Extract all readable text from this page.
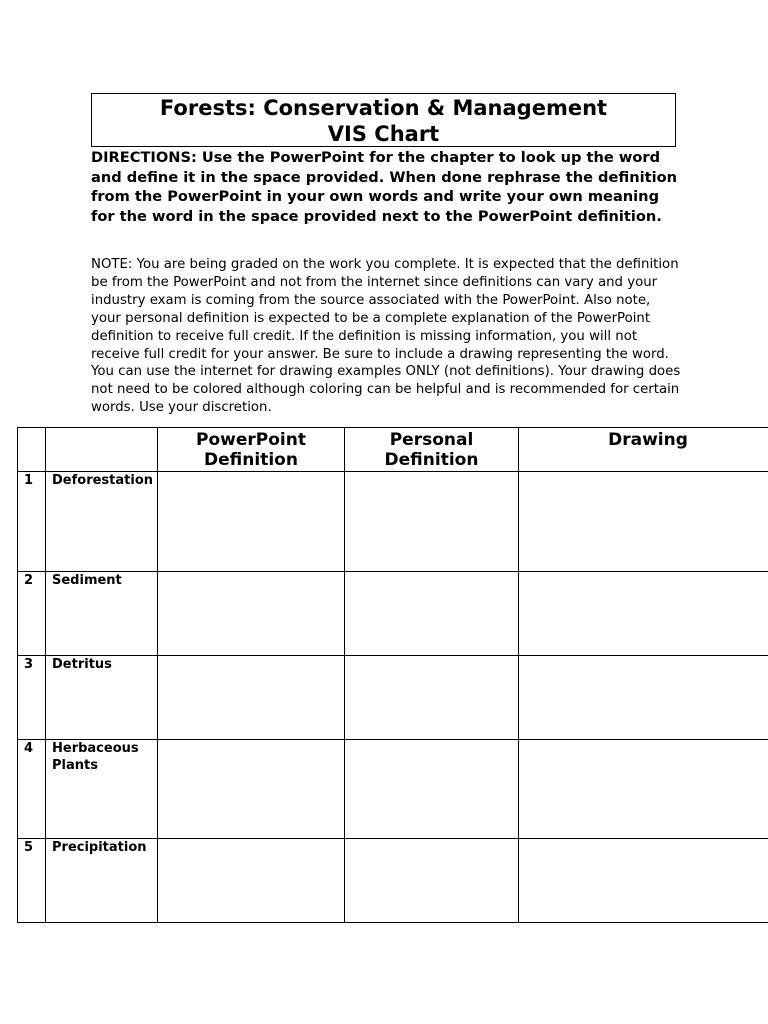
Forests: Conservation & Management
VIS Chart

DIRECTIONS: Use the PowerPoint for the chapter to look up the word and define it in the space provided. When done rephrase the definition from the PowerPoint in your own words and write your own meaning for the word in the space provided next to the PowerPoint definition.

NOTE: You are being graded on the work you complete. It is expected that the definition be from the PowerPoint and not from the internet since definitions can vary and your industry exam is coming from the source associated with the PowerPoint. Also note, your personal definition is expected to be a complete explanation of the PowerPoint definition to receive full credit. If the definition is missing information, you will not receive full credit for your answer. Be sure to include a drawing representing the word. You can use the internet for drawing examples ONLY (not definitions). Your drawing does not need to be colored although coloring can be helpful and is recommended for certain words. Use your discretion.

		PowerPoint Definition	Personal Definition	Drawing
1	Deforestation			

2	Sediment			

3	Detritus			

4	Herbaceous Plants			

5	Precipitation			
